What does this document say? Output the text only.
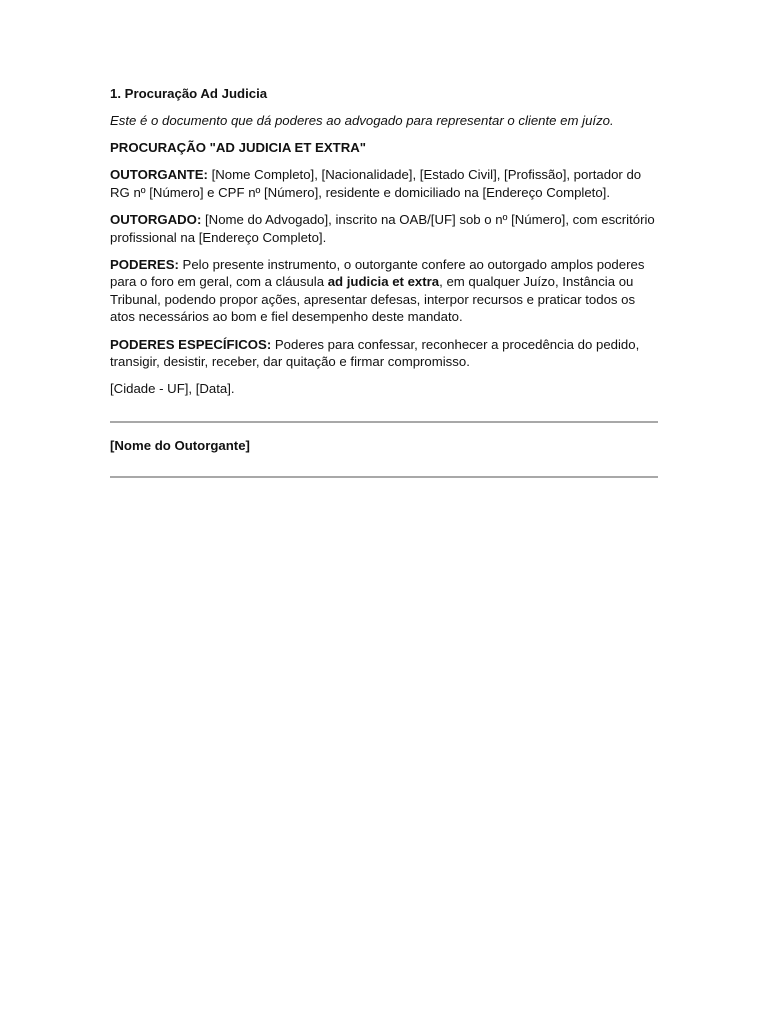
1. Procuração Ad Judicia

Este é o documento que dá poderes ao advogado para representar o cliente em juízo.

PROCURAÇÃO "AD JUDICIA ET EXTRA"

OUTORGANTE: [Nome Completo], [Nacionalidade], [Estado Civil], [Profissão], portador do RG nº [Número] e CPF nº [Número], residente e domiciliado na [Endereço Completo].

OUTORGADO: [Nome do Advogado], inscrito na OAB/[UF] sob o nº [Número], com escritório profissional na [Endereço Completo].

PODERES: Pelo presente instrumento, o outorgante confere ao outorgado amplos poderes para o foro em geral, com a cláusula ad judicia et extra, em qualquer Juízo, Instância ou Tribunal, podendo propor ações, apresentar defesas, interpor recursos e praticar todos os atos necessários ao bom e fiel desempenho deste mandato.

PODERES ESPECÍFICOS: Poderes para confessar, reconhecer a procedência do pedido, transigir, desistir, receber, dar quitação e firmar compromisso.

[Cidade - UF], [Data].

[Nome do Outorgante]
